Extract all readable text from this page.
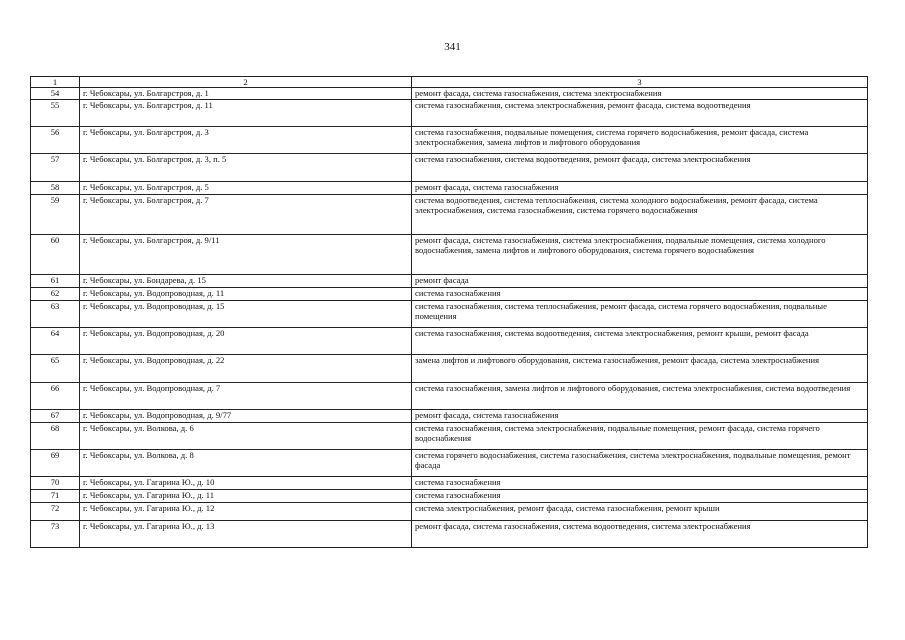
341
1	2	3
54	г. Чебоксары, ул. Болгарстроя, д. 1	ремонт фасада, система газоснабжения, система электроснабжения
55	г. Чебоксары, ул. Болгарстроя, д. 11	система газоснабжения, система электроснабжения, ремонт фасада, система водоотведения
56	г. Чебоксары, ул. Болгарстроя, д. 3	система газоснабжения, подвальные помещения, система горячего водоснабжения, ремонт фасада, система электроснабжения, замена лифтов и лифтового оборудования
57	г. Чебоксары, ул. Болгарстроя, д. 3, п. 5	система газоснабжения, система водоотведения, ремонт фасада, система электроснабжения
58	г. Чебоксары, ул. Болгарстроя, д. 5	ремонт фасада, система газоснабжения
59	г. Чебоксары, ул. Болгарстроя, д. 7	система водоотведения, система теплоснабжения, система холодного водоснабжения, ремонт фасада, система электроснабжения, система газоснабжения, система горячего водоснабжения
60	г. Чебоксары, ул. Болгарстроя, д. 9/11	ремонт фасада, система газоснабжения, система электроснабжения, подвальные помещения, система холодного водоснабжения, замена лифтов и лифтового оборудования, система горячего водоснабжения
61	г. Чебоксары, ул. Бондарева, д. 15	ремонт фасада
62	г. Чебоксары, ул. Водопроводная, д. 11	система газоснабжения
63	г. Чебоксары, ул. Водопроводная, д. 15	система газоснабжения, система теплоснабжения, ремонт фасада, система горячего водоснабжения, подвальные помещения
64	г. Чебоксары, ул. Водопроводная, д. 20	система газоснабжения, система водоотведения, система электроснабжения, ремонт крыши, ремонт фасада
65	г. Чебоксары, ул. Водопроводная, д. 22	замена лифтов и лифтового оборудования, система газоснабжения, ремонт фасада, система электроснабжения
66	г. Чебоксары, ул. Водопроводная, д. 7	система газоснабжения, замена лифтов и лифтового оборудования, система электроснабжения, система водоотведения
67	г. Чебоксары, ул. Водопроводная, д. 9/77	ремонт фасада, система газоснабжения
68	г. Чебоксары, ул. Волкова, д. 6	система газоснабжения, система электроснабжения, подвальные помещения, ремонт фасада, система горячего водоснабжения
69	г. Чебоксары, ул. Волкова, д. 8	система горячего водоснабжения, система газоснабжения, система электроснабжения, подвальные помещения, ремонт фасада
70	г. Чебоксары, ул. Гагарина Ю., д. 10	система газоснабжения
71	г. Чебоксары, ул. Гагарина Ю., д. 11	система газоснабжения
72	г. Чебоксары, ул. Гагарина Ю., д. 12	система электроснабжения, ремонт фасада, система газоснабжения, ремонт крыши
73	г. Чебоксары, ул. Гагарина Ю., д. 13	ремонт фасада, система газоснабжения, система водоотведения, система электроснабжения
